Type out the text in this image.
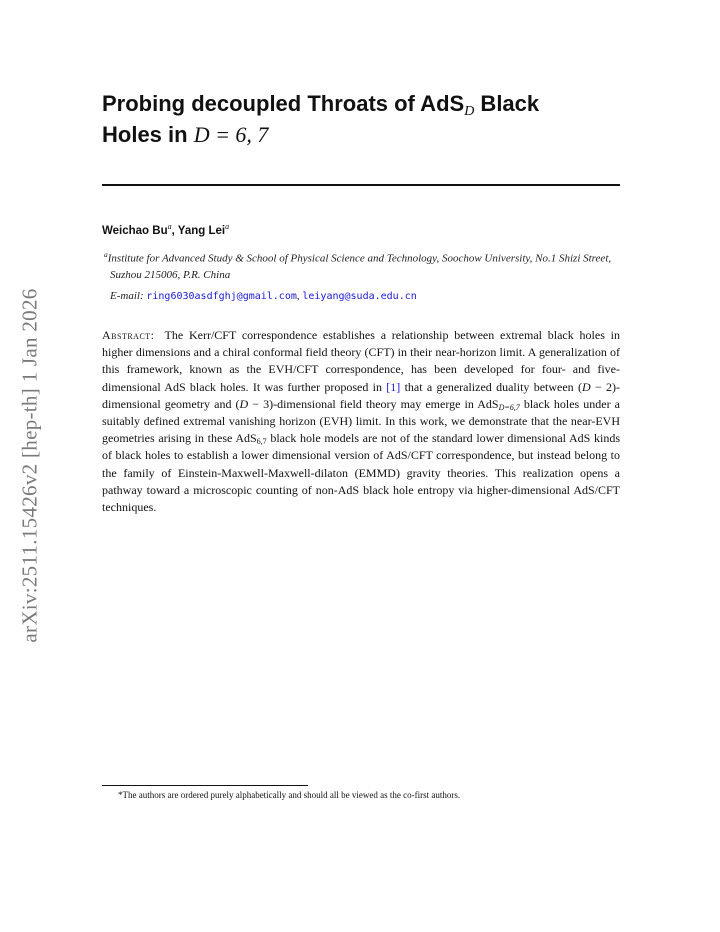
arXiv:2511.15426v2 [hep-th] 1 Jan 2026
Probing decoupled Throats of AdS$_D$ Black
Holes in D = 6, 7
Weichao Bu$^a$, Yang Lei$^a$
$^a$Institute for Advanced Study & School of Physical Science and Technology, Soochow University, No.1 Shizi Street, Suzhou 215006, P.R. China
E-mail: ring6030asdfghj@gmail.com, leiyang@suda.edu.cn
Abstract: The Kerr/CFT correspondence establishes a relationship between extremal black holes in higher dimensions and a chiral conformal field theory (CFT) in their near-horizon limit. A generalization of this framework, known as the EVH/CFT correspondence, has been developed for four- and five-dimensional AdS black holes. It was further proposed in [1] that a generalized duality between (D − 2)-dimensional geometry and (D − 3)-dimensional field theory may emerge in AdS$_{D=6,7}$ black holes under a suitably defined extremal vanishing horizon (EVH) limit. In this work, we demonstrate that the near-EVH geometries arising in these AdS$_{6,7}$ black hole models are not of the standard lower dimensional AdS kinds of black holes to establish a lower dimensional version of AdS/CFT correspondence, but instead belong to the family of Einstein-Maxwell-Maxwell-dilaton (EMMD) gravity theories. This realization opens a pathway toward a microscopic counting of non-AdS black hole entropy via higher-dimensional AdS/CFT techniques.
*The authors are ordered purely alphabetically and should all be viewed as the co-first authors.
